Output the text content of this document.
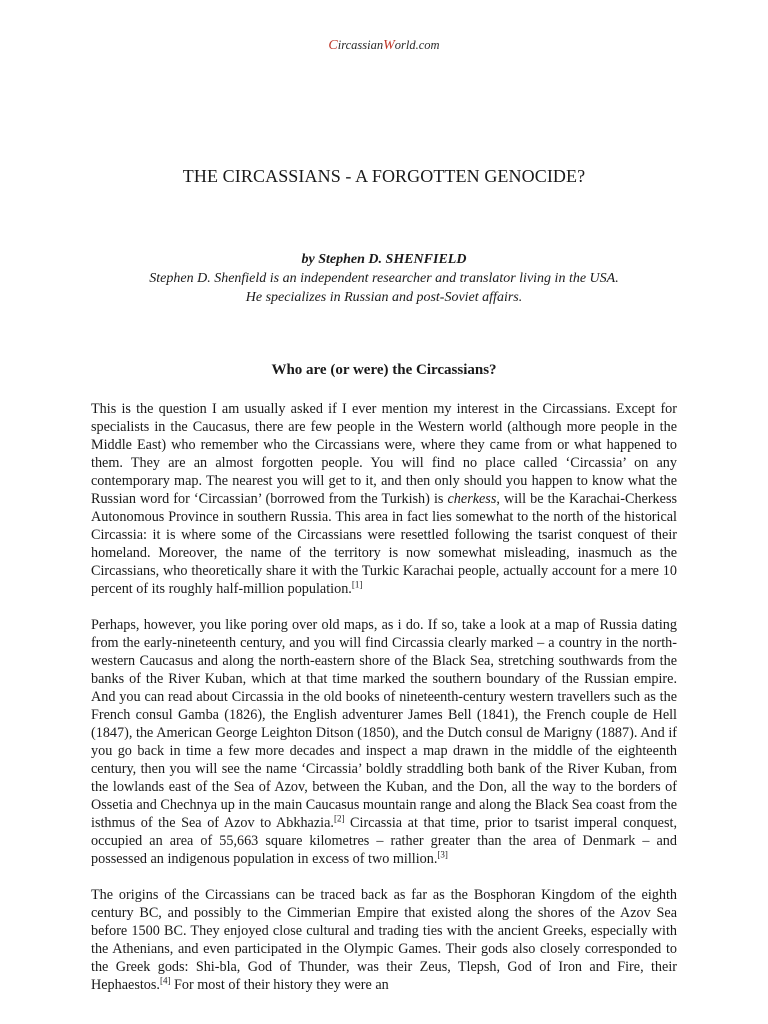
CircassianWorld.com
THE CIRCASSIANS - A FORGOTTEN GENOCIDE?
by Stephen D. SHENFIELD
Stephen D. Shenfield is an independent researcher and translator living in the USA.
He specializes in Russian and post-Soviet affairs.
Who are (or were) the Circassians?

This is the question I am usually asked if I ever mention my interest in the Circassians. Except for specialists in the Caucasus, there are few people in the Western world (although more people in the Middle East) who remember who the Circassians were, where they came from or what happened to them. They are an almost forgotten people. You will find no place called ‘Circassia’ on any contemporary map. The nearest you will get to it, and then only should you happen to know what the Russian word for ‘Circassian’ (borrowed from the Turkish) is cherkess, will be the Karachai-Cherkess Autonomous Province in southern Russia. This area in fact lies somewhat to the north of the historical Circassia: it is where some of the Circassians were resettled following the tsarist conquest of their homeland. Moreover, the name of the territory is now somewhat misleading, inasmuch as the Circassians, who theoretically share it with the Turkic Karachai people, actually account for a mere 10 percent of its roughly half-million population.[1]

Perhaps, however, you like poring over old maps, as i do. If so, take a look at a map of Russia dating from the early-nineteenth century, and you will find Circassia clearly marked – a country in the north-western Caucasus and along the north-eastern shore of the Black Sea, stretching southwards from the banks of the River Kuban, which at that time marked the southern boundary of the Russian empire. And you can read about Circassia in the old books of nineteenth-century western travellers such as the French consul Gamba (1826), the English adventurer James Bell (1841), the French couple de Hell (1847), the American George Leighton Ditson (1850), and the Dutch consul de Marigny (1887). And if you go back in time a few more decades and inspect a map drawn in the middle of the eighteenth century, then you will see the name ‘Circassia’ boldly straddling both bank of the River Kuban, from the lowlands east of the Sea of Azov, between the Kuban, and the Don, all the way to the borders of Ossetia and Chechnya up in the main Caucasus mountain range and along the Black Sea coast from the isthmus of the Sea of Azov to Abkhazia.[2] Circassia at that time, prior to tsarist imperal conquest, occupied an area of 55,663 square kilometres – rather greater than the area of Denmark – and possessed an indigenous population in excess of two million.[3]

The origins of the Circassians can be traced back as far as the Bosphoran Kingdom of the eighth century BC, and possibly to the Cimmerian Empire that existed along the shores of the Azov Sea before 1500 BC. They enjoyed close cultural and trading ties with the ancient Greeks, especially with the Athenians, and even participated in the Olympic Games. Their gods also closely corresponded to the Greek gods: Shi-bla, God of Thunder, was their Zeus, Tlepsh, God of Iron and Fire, their Hephaestos.[4] For most of their history they were an
